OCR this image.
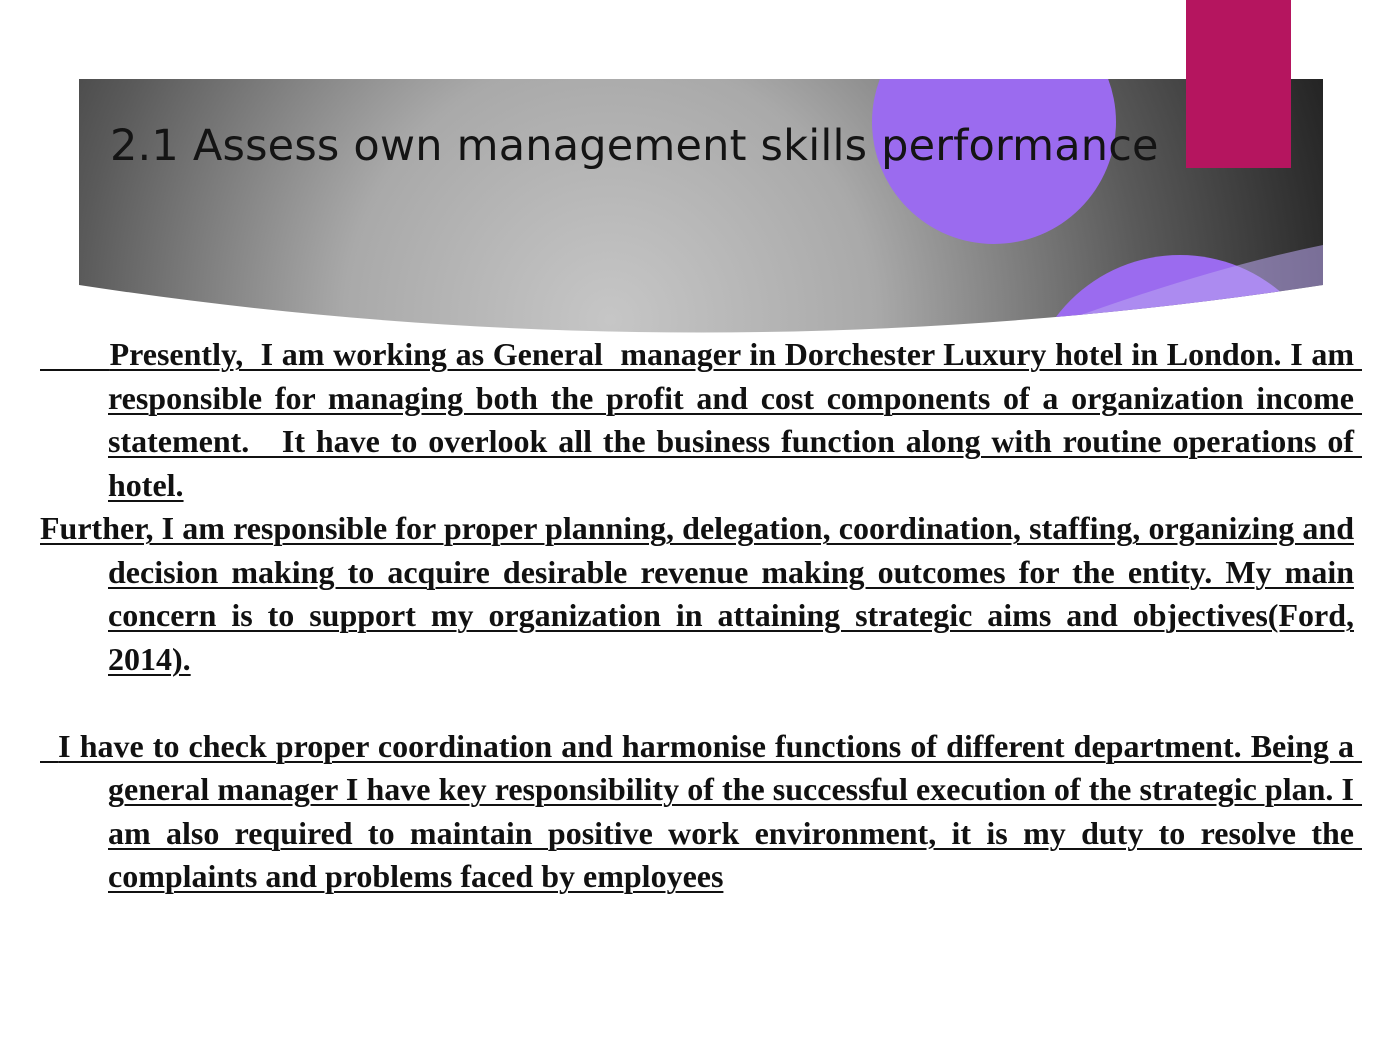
2.1 Assess own management skills performance

Presently,  I am working as General  manager in Dorchester Luxury hotel in London. I am responsible for managing both the profit and cost components of a organization income statement.   It have to overlook all the business function along with routine operations of hotel.

Further, I am responsible for proper planning, delegation, coordination, staffing, organizing and decision making to acquire desirable revenue making outcomes for the entity. My main concern is to support my organization in attaining strategic aims and objectives(Ford, 2014).

I have to check proper coordination and harmonise functions of different department. Being a general manager I have key responsibility of the successful execution of the strategic plan. I am also required to maintain positive work environment, it is my duty to resolve the complaints and problems faced by employees
